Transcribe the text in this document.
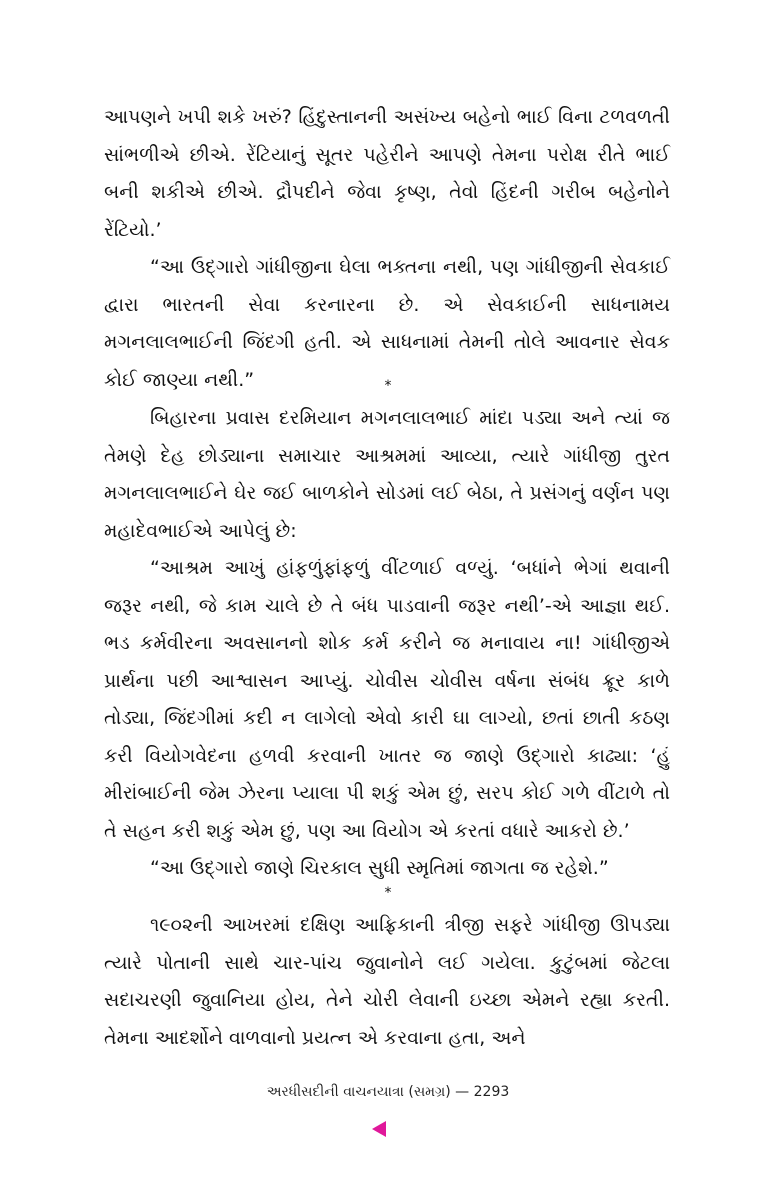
આપણને ખપી શકે ખરું? હિંદુસ્તાનની અસંખ્ય બહેનો ભાઈ વિના ટળવળતી સાંભળીએ છીએ. રેંટિયાનું સૂતર પહેરીને આપણે તેમના પરોક્ષ રીતે ભાઈ બની શકીએ છીએ. દ્રૌપદીને જેવા કૃષ્ણ, તેવો હિંદની ગરીબ બહેનોને રેંટિયો.’

“આ ઉદ્ગારો ગાંધીજીના ઘેલા ભક્તના નથી, પણ ગાંધીજીની સેવકાઈ દ્વારા ભારતની સેવા કરનારના છે. એ સેવકાઈની સાધનામય મગનલાલભાઈની જિંદગી હતી. એ સાધનામાં તેમની તોલે આવનાર સેવક કોઈ જાણ્યા નથી.”	*

બિહારના પ્રવાસ દરમિયાન મગનલાલભાઈ માંદા પડ્યા અને ત્યાં જ તેમણે દેહ છોડ્યાના સમાચાર આશ્રમમાં આવ્યા, ત્યારે ગાંધીજી તુરત મગનલાલભાઈને ઘેર જઈ બાળકોને સોડમાં લઈ બેઠા, તે પ્રસંગનું વર્ણન પણ મહાદેવભાઈએ આપેલું છે:

“આશ્રમ આખું હાંફળુંફાંફળું વીંટળાઈ વળ્યું. ‘બધાંને ભેગાં થવાની જરૂર નથી, જે કામ ચાલે છે તે બંધ પાડવાની જરૂર નથી’-એ આજ્ઞા થઈ. ભડ કર્મવીરના અવસાનનો શોક કર્મ કરીને જ મનાવાય ના! ગાંધીજીએ પ્રાર્થના પછી આશ્વાસન આપ્યું. ચોવીસ ચોવીસ વર્ષના સંબંધ ક્રૂર કાળે તોડ્યા, જિંદગીમાં કદી ન લાગેલો એવો કારી ઘા લાગ્યો, છતાં છાતી કઠણ કરી વિયોગવેદના હળવી કરવાની ખાતર જ જાણે ઉદ્ગારો કાઢ્યા: ‘હું મીરાંબાઈની જેમ ઝેરના પ્યાલા પી શકું એમ છું, સરપ કોઈ ગળે વીંટાળે તો તે સહન કરી શકું એમ છું, પણ આ વિયોગ એ કરતાં વધારે આકરો છે.’

“આ ઉદ્ગારો જાણે ચિરકાલ સુધી સ્મૃતિમાં જાગતા જ રહેશે.”

*

૧૯૦૨ની આખરમાં દક્ષિણ આફ્રિકાની ત્રીજી સફરે ગાંધીજી ઊપડ્યા ત્યારે પોતાની સાથે ચાર-પાંચ જુવાનોને લઈ ગયેલા. કુટુંબમાં જેટલા સદાચરણી જુવાનિયા હોય, તેને ચોરી લેવાની ઇચ્છા એમને રહ્યા કરતી. તેમના આદર્શોને વાળવાનો પ્રયત્ન એ કરવાના હતા, અને

અરધીસદીની વાચનયાત્રા (સમગ્ર) — 2293
